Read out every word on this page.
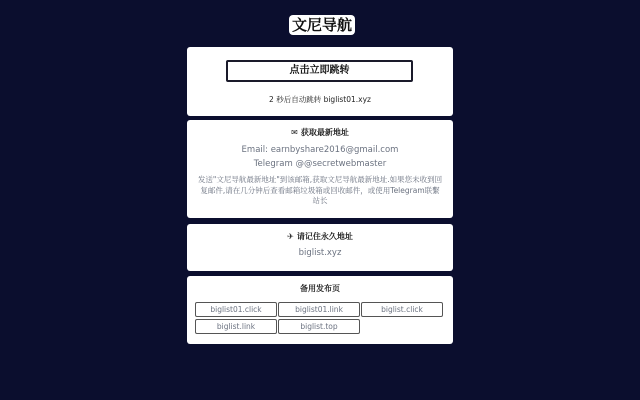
文尼导航
点击立即跳转
2 秒后自动跳转 biglist01.xyz
✉ 获取最新地址
Email: earnbyshare2016@gmail.com
Telegram @@secretwebmaster
发送"文尼导航最新地址"到该邮箱,获取文尼导航最新地址.如果您未收到回复邮件,请在几分钟后查看邮箱垃圾箱或回收邮件，或使用Telegram联繫站长
✈ 请记住永久地址
biglist.xyz
备用发布页
biglist01.click	biglist01.link	biglist.click
biglist.link	biglist.top
